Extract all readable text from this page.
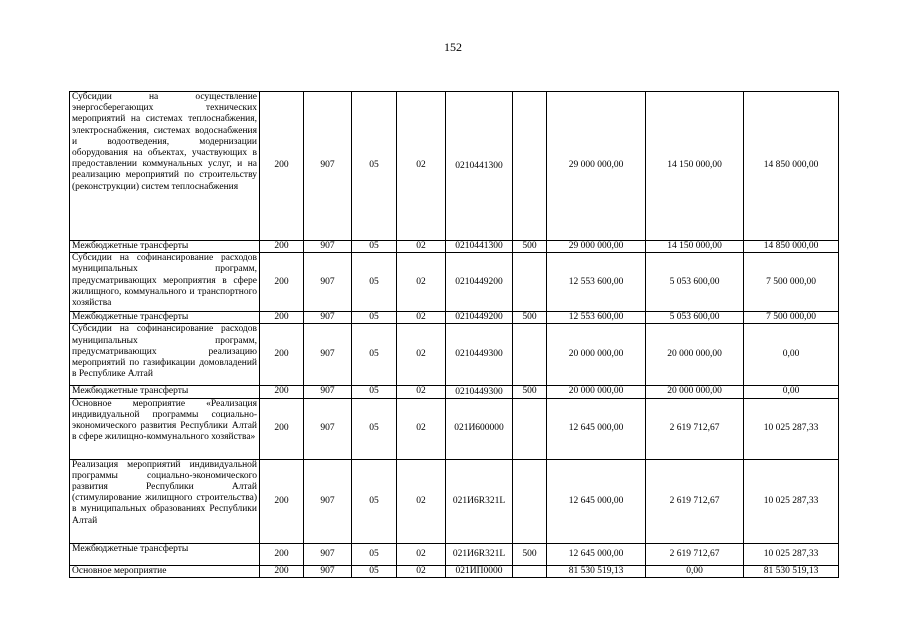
152
Субсидии на осуществление энергосберегающих технических мероприятий на системах теплоснабжения, электроснабжения, системах водоснабжения и водоотведения, модернизации оборудования на объектах, участвующих в предоставлении коммунальных услуг, и на реализацию мероприятий по строительству (реконструкции) систем теплоснабжения	200	907	05	02	0210441300		29 000 000,00	14 150 000,00	14 850 000,00
Межбюджетные трансферты	200	907	05	02	0210441300	500	29 000 000,00	14 150 000,00	14 850 000,00
Субсидии на софинансирование расходов муниципальных программ, предусматривающих мероприятия в сфере жилищного, коммунального и транспортного хозяйства	200	907	05	02	0210449200		12 553 600,00	5 053 600,00	7 500 000,00
Межбюджетные трансферты	200	907	05	02	0210449200	500	12 553 600,00	5 053 600,00	7 500 000,00
Субсидии на софинансирование расходов муниципальных программ, предусматривающих реализацию мероприятий по газификации домовладений в Республике Алтай	200	907	05	02	0210449300		20 000 000,00	20 000 000,00	0,00
Межбюджетные трансферты	200	907	05	02	0210449300	500	20 000 000,00	20 000 000,00	0,00
Основное мероприятие «Реализация индивидуальной программы социально-экономического развития Республики Алтай в сфере жилищно-коммунального хозяйства»	200	907	05	02	021И600000		12 645 000,00	2 619 712,67	10 025 287,33
Реализация мероприятий индивидуальной программы социально-экономического развития Республики Алтай (стимулирование жилищного строительства) в муниципальных образованиях Республики Алтай	200	907	05	02	021И6R321L		12 645 000,00	2 619 712,67	10 025 287,33
Межбюджетные трансферты	200	907	05	02	021И6R321L	500	12 645 000,00	2 619 712,67	10 025 287,33
Основное мероприятие	200	907	05	02	021ИП0000		81 530 519,13	0,00	81 530 519,13
